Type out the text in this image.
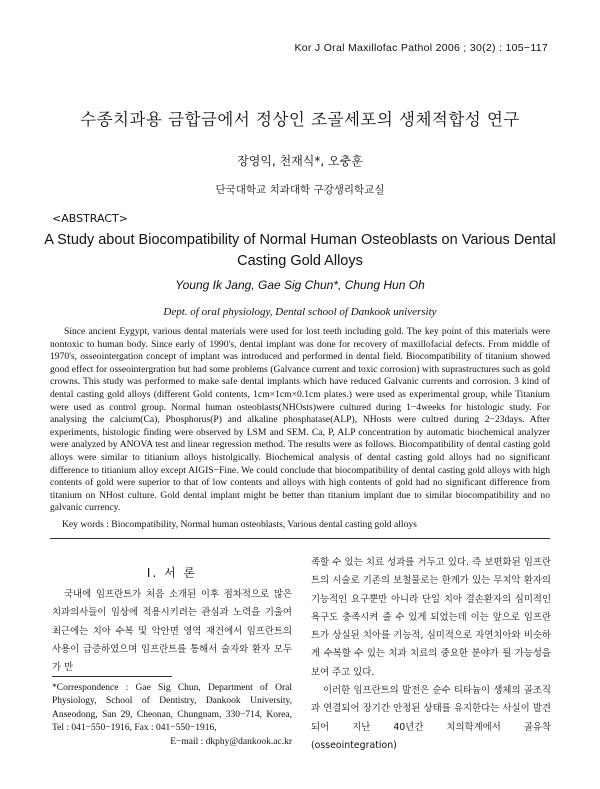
Kor J Oral Maxillofac Pathol 2006 ; 30(2) : 105−117
수종치과용 금합금에서 정상인 조골세포의 생체적합성 연구
장영익, 천재식*, 오충훈
단국대학교 치과대학 구강생리학교실
<ABSTRACT>
A Study about Biocompatibility of Normal Human Osteoblasts on Various Dental Casting Gold Alloys
Young Ik Jang, Gae Sig Chun*, Chung Hun Oh
Dept. of oral physiology, Dental school of Dankook university

Since ancient Eygypt, various dental materials were used for lost teeth including gold. The key point of this materials were nontoxic to human body. Since early of 1990's, dental implant was done for recovery of maxillofacial defects. From middle of 1970's, osseointergation concept of implant was introduced and performed in dental field. Biocompatibility of titanium showed good effect for osseointergration but had some problems (Galvance current and toxic corrosion) with suprastructures such as gold crowns. This study was performed to make safe dental implants which have reduced Galvanic currents and corrosion. 3 kind of dental casting gold alloys (different Gold contents, 1cm×1cm×0.1cm plates.) were used as experimental group, while Titanium were used as control group. Normal human osteoblasts(NHOsts)were cultured during 1−4weeks for histologic study. For analysing the calcium(Ca), Phosphorus(P) and alkaline phosphatase(ALP), NHosts were cultred during 2−23days. After experiments, histologic finding were observed by LSM and SEM. Ca, P, ALP concentration by automatic biochemical analyzer were analyzed by ANOVA test and linear regression method. The results were as follows. Biocompatibility of dental casting gold alloys were similar to titianium alloys histolgically. Biochemical analysis of dental casting gold alloys had no significant difference to titianium alloy except AIGIS−Fine. We could conclude that biocompatibility of dental casting gold alloys with high contents of gold were superior to that of low contents and alloys with high contents of gold had no significant difference from titanium on NHost culture. Gold dental implant might be better than titanium implant due to similar biocompatibility and no galvanic currency.

Key words : Biocompatibility, Normal human osteoblasts, Various dental casting gold alloys
I. 서 론
국내에 임프란트가 처음 소개된 이후 점차적으로 많은 치과의사들이 임상에 적용시키려는 관심과 노력을 기울여 최근에는 치아 수복 및 악안면 영역 재건에서 임프란트의 사용이 급증하였으며 임프란트를 통해서 술자와 환자 모두가 만

족할 수 있는 치료 성과를 거두고 있다. 즉 보편화된 임프란트의 시술로 기존의 보철물로는 한계가 있는 무치악 환자의 기능적인 요구뿐만 아니라 단일 치아 결손환자의 심미적인 욕구도 충족시켜 줄 수 있게 되었는데 이는 앞으로 임프란트가 상실된 치아를 기능적, 심미적으로 자연치아와 비슷하게 수복할 수 있는 치과 치료의 중요한 분야가 될 가능성을 보여 주고 있다.

이러한 임프란트의 발전은 순수 티타늄이 생체의 골조직과 연결되어 장기간 안정된 상태를 유지한다는 사실이 발견되어 지난 40년간 치의학계에서 골유착(osseointegration)

*Correspondence : Gae Sig Chun, Department of Oral Physiology, School of Dentistry, Dankook University, Anseodong, San 29, Cheonan, Chungnam, 330−714, Korea, Tel : 041−550−1916, Fax : 041−550−1916,
E−mail : dkphy@dankook.ac.kr
